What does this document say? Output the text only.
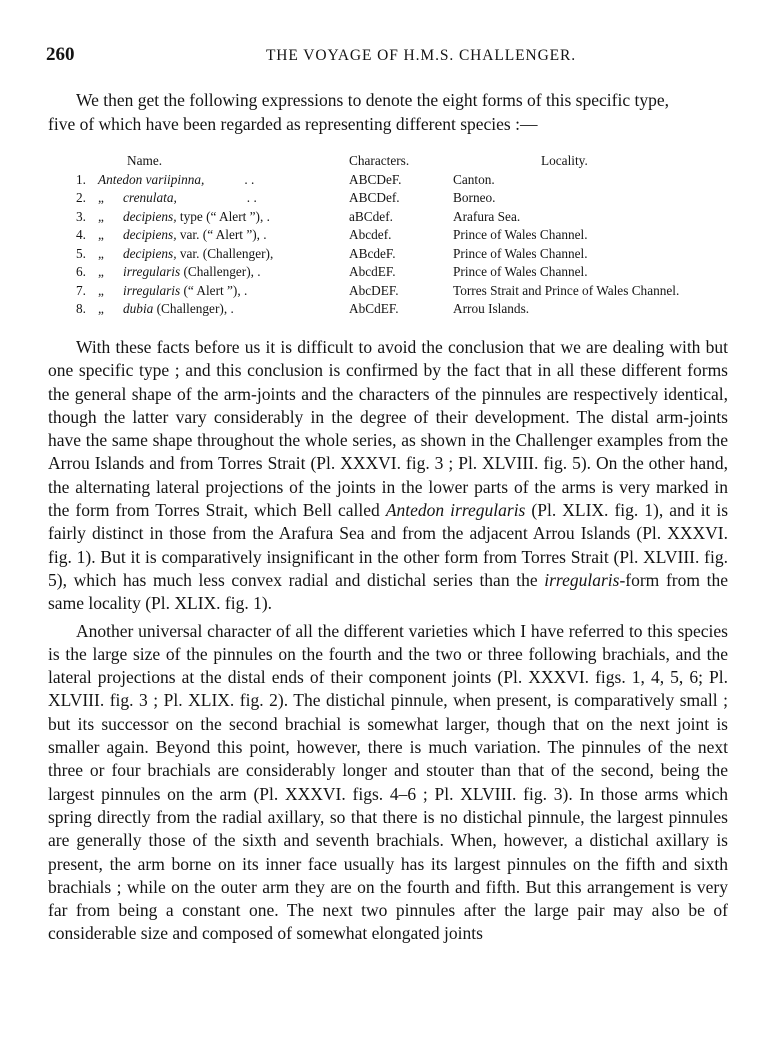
260	THE VOYAGE OF H.M.S. CHALLENGER.
We then get the following expressions to denote the eight forms of this specific type,
five of which have been regarded as representing different species :—
		Name.	Characters.	Locality.
1.	Antedon variipinna, . .		ABCDeF.	Canton.
2.	„	crenulata, . .	ABCDef.	Borneo.
3.	„	decipiens, type (“ Alert ”), .	aBCdef.	Arafura Sea.
4.	„	decipiens, var. (“ Alert ”), .	Abcdef.	Prince of Wales Channel.
5.	„	decipiens, var. (Challenger),	ABcdeF.	Prince of Wales Channel.
6.	„	irregularis (Challenger), .	AbcdEF.	Prince of Wales Channel.
7.	„	irregularis (“ Alert ”), .	AbcDEF.	Torres Strait and Prince of Wales Channel.
8.	„	dubia (Challenger), .	AbCdEF.	Arrou Islands.

With these facts before us it is difficult to avoid the conclusion that we are dealing with but one specific type ; and this conclusion is confirmed by the fact that in all these different forms the general shape of the arm-joints and the characters of the pinnules are respectively identical, though the latter vary considerably in the degree of their development. The distal arm-joints have the same shape throughout the whole series, as shown in the Challenger examples from the Arrou Islands and from Torres Strait (Pl. XXXVI. fig. 3 ; Pl. XLVIII. fig. 5). On the other hand, the alternating lateral projections of the joints in the lower parts of the arms is very marked in the form from Torres Strait, which Bell called Antedon irregularis (Pl. XLIX. fig. 1), and it is fairly distinct in those from the Arafura Sea and from the adjacent Arrou Islands (Pl. XXXVI. fig. 1). But it is comparatively insignificant in the other form from Torres Strait (Pl. XLVIII. fig. 5), which has much less convex radial and distichal series than the irregularis-form from the same locality (Pl. XLIX. fig. 1).

Another universal character of all the different varieties which I have referred to this species is the large size of the pinnules on the fourth and the two or three following brachials, and the lateral projections at the distal ends of their component joints (Pl. XXXVI. figs. 1, 4, 5, 6; Pl. XLVIII. fig. 3 ; Pl. XLIX. fig. 2). The distichal pinnule, when present, is comparatively small ; but its successor on the second brachial is somewhat larger, though that on the next joint is smaller again. Beyond this point, however, there is much variation. The pinnules of the next three or four brachials are considerably longer and stouter than that of the second, being the largest pinnules on the arm (Pl. XXXVI. figs. 4–6 ; Pl. XLVIII. fig. 3). In those arms which spring directly from the radial axillary, so that there is no distichal pinnule, the largest pinnules are generally those of the sixth and seventh brachials. When, however, a distichal axillary is present, the arm borne on its inner face usually has its largest pinnules on the fifth and sixth brachials ; while on the outer arm they are on the fourth and fifth. But this arrangement is very far from being a constant one. The next two pinnules after the large pair may also be of considerable size and composed of somewhat elongated joints
